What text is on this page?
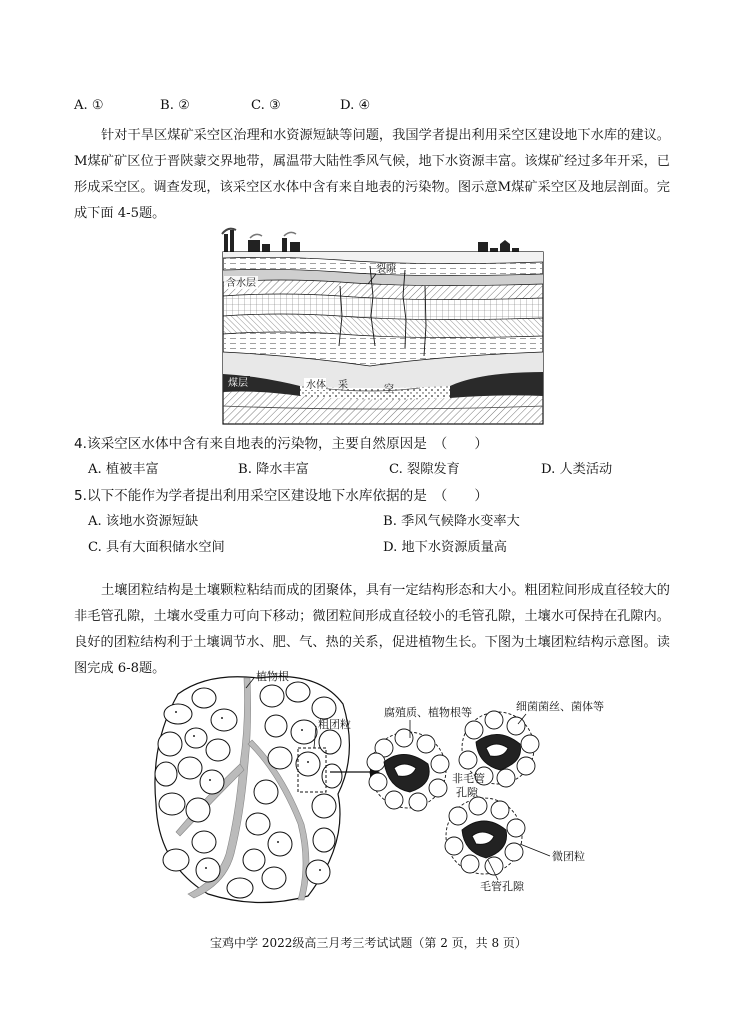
A. ①	B. ②	C. ③	D. ④
针对干旱区煤矿采空区治理和水资源短缺等问题，我国学者提出利用采空区建设地下水库的建议。M煤矿矿区位于晋陕蒙交界地带，属温带大陆性季风气候，地下水资源丰富。该煤矿经过多年开采，已形成采空区。调查发现，该采空区水体中含有来自地表的污染物。图示意M煤矿采空区及地层剖面。完成下面 4-5题。
裂隙
含水层
煤层	水体 采	空
4.该采空区水体中含有来自地表的污染物，主要自然原因是　（　　）
A. 植被丰富	B. 降水丰富	C. 裂隙发育	D. 人类活动
5.以下不能作为学者提出利用采空区建设地下水库依据的是　（　　）
A. 该地水资源短缺	B. 季风气候降水变率大
C. 具有大面积储水空间	D. 地下水资源质量高
土壤团粒结构是土壤颗粒粘结而成的团聚体，具有一定结构形态和大小。粗团粒间形成直径较大的非毛管孔隙，土壤水受重力可向下移动；微团粒间形成直径较小的毛管孔隙，土壤水可保持在孔隙内。良好的团粒结构利于土壤调节水、肥、气、热的关系，促进植物生长。下图为土壤团粒结构示意图。读图完成 6-8题。
植物根
粗团粒
腐殖质、植物根等	细菌菌丝、菌体等
非毛管
孔隙
微团粒
毛管孔隙
宝鸡中学 2022级高三月考三考试试题（第 2 页，共 8 页）
